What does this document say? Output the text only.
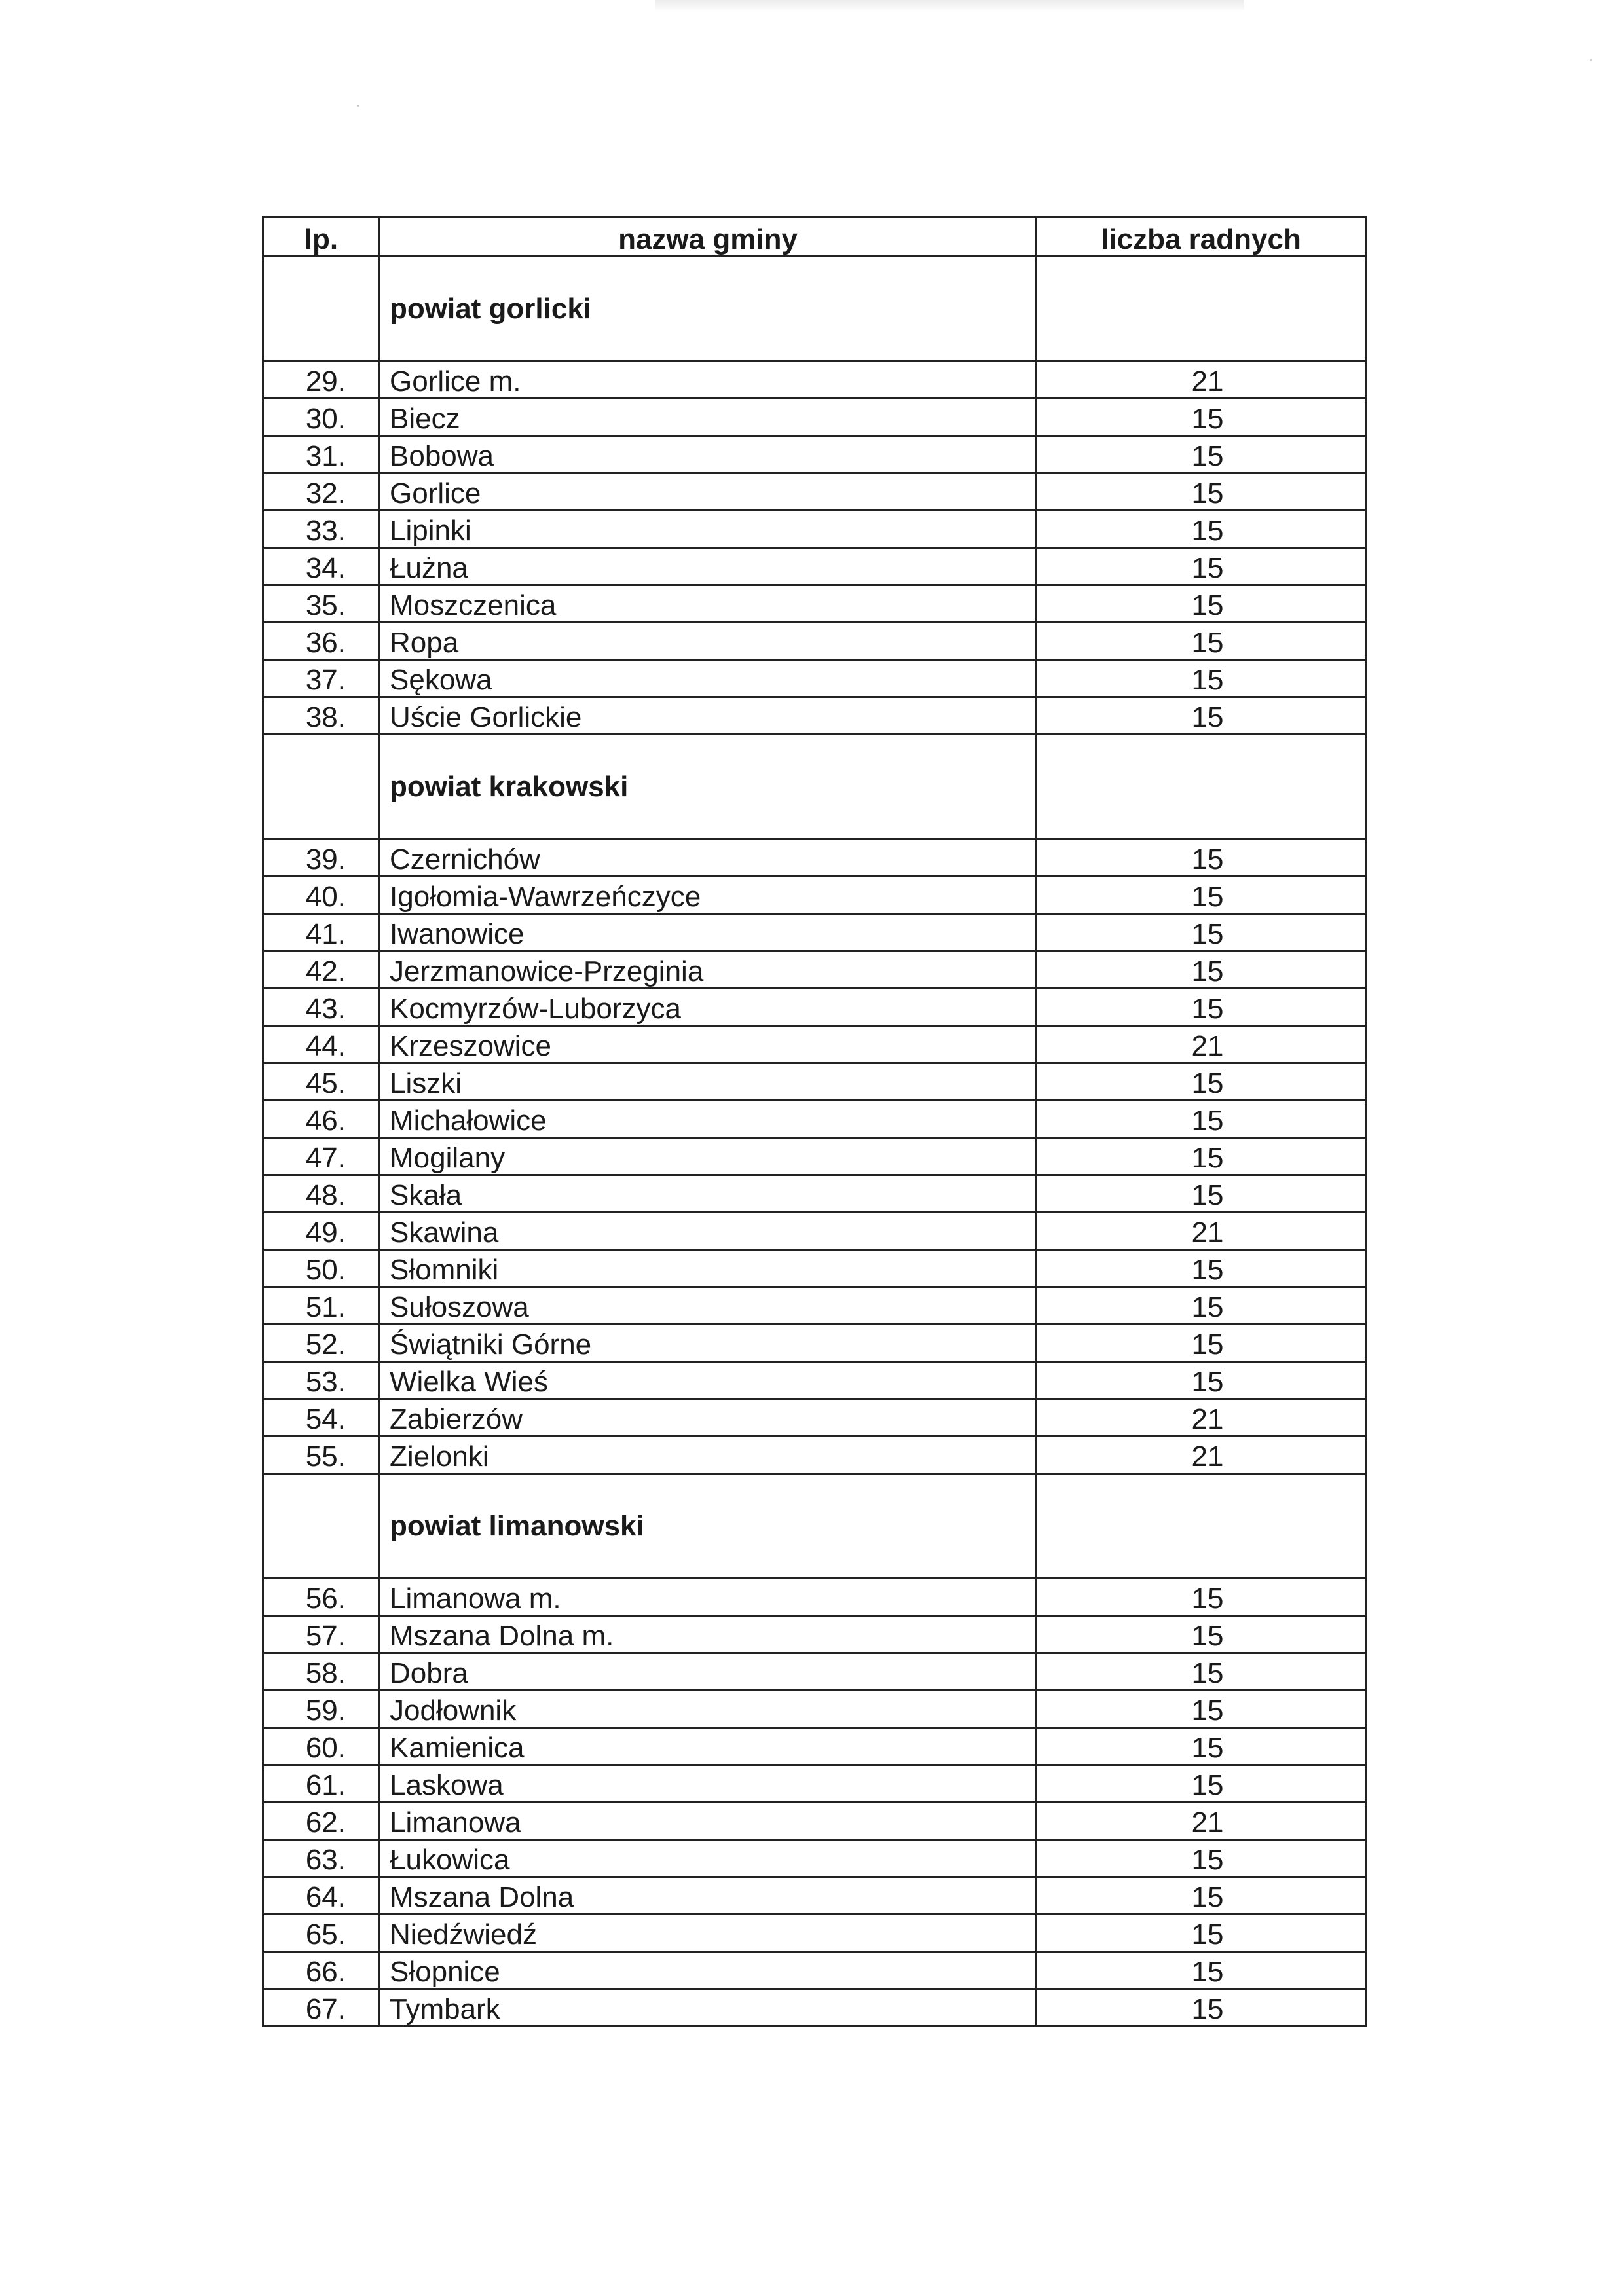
lp.	nazwa gminy	liczba radnych
	powiat gorlicki	
29.	Gorlice m.	21
30.	Biecz	15
31.	Bobowa	15
32.	Gorlice	15
33.	Lipinki	15
34.	Łużna	15
35.	Moszczenica	15
36.	Ropa	15
37.	Sękowa	15
38.	Uście Gorlickie	15
	powiat krakowski	
39.	Czernichów	15
40.	Igołomia-Wawrzeńczyce	15
41.	Iwanowice	15
42.	Jerzmanowice-Przeginia	15
43.	Kocmyrzów-Luborzyca	15
44.	Krzeszowice	21
45.	Liszki	15
46.	Michałowice	15
47.	Mogilany	15
48.	Skała	15
49.	Skawina	21
50.	Słomniki	15
51.	Sułoszowa	15
52.	Świątniki Górne	15
53.	Wielka Wieś	15
54.	Zabierzów	21
55.	Zielonki	21
	powiat limanowski	
56.	Limanowa m.	15
57.	Mszana Dolna m.	15
58.	Dobra	15
59.	Jodłownik	15
60.	Kamienica	15
61.	Laskowa	15
62.	Limanowa	21
63.	Łukowica	15
64.	Mszana Dolna	15
65.	Niedźwiedź	15
66.	Słopnice	15
67.	Tymbark	15
